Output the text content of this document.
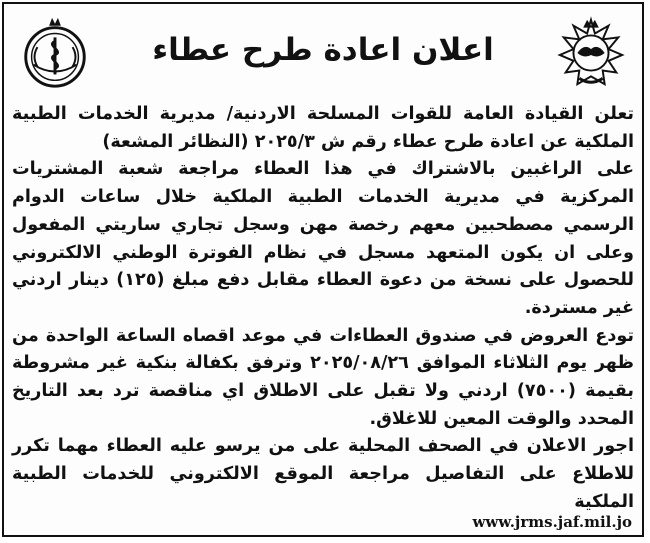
اعلان اعادة طرح عطاء

تعلن القيادة العامة للقوات المسلحة الاردنية/ مديرية الخدمات الطبية الملكية عن اعادة طرح عطاء رقم ش ٢٠٢٥/٣ (النظائر المشعة)

على الراغبين بالاشتراك في هذا العطاء مراجعة شعبة المشتريات المركزية في مديرية الخدمات الطبية الملكية خلال ساعات الدوام الرسمي مصطحبين معهم رخصة مهن وسجل تجاري ساريتي المفعول وعلى ان يكون المتعهد مسجل في نظام الفوترة الوطني الالكتروني للحصول على نسخة من دعوة العطاء مقابل دفع مبلغ (١٢٥) دينار اردني غير مستردة.

تودع العروض في صندوق العطاءات في موعد اقصاه الساعة الواحدة من ظهر يوم الثلاثاء الموافق ٢٠٢٥/٠٨/٢٦ وترفق بكفالة بنكية غير مشروطة بقيمة (٧٥٠٠) اردني ولا تقبل على الاطلاق اي مناقصة ترد بعد التاريخ المحدد والوقت المعين للاغلاق.

اجور الاعلان في الصحف المحلية على من يرسو عليه العطاء مهما تكرر للاطلاع على التفاصيل مراجعة الموقع الالكتروني للخدمات الطبية الملكية

www.jrms.jaf.mil.jo
